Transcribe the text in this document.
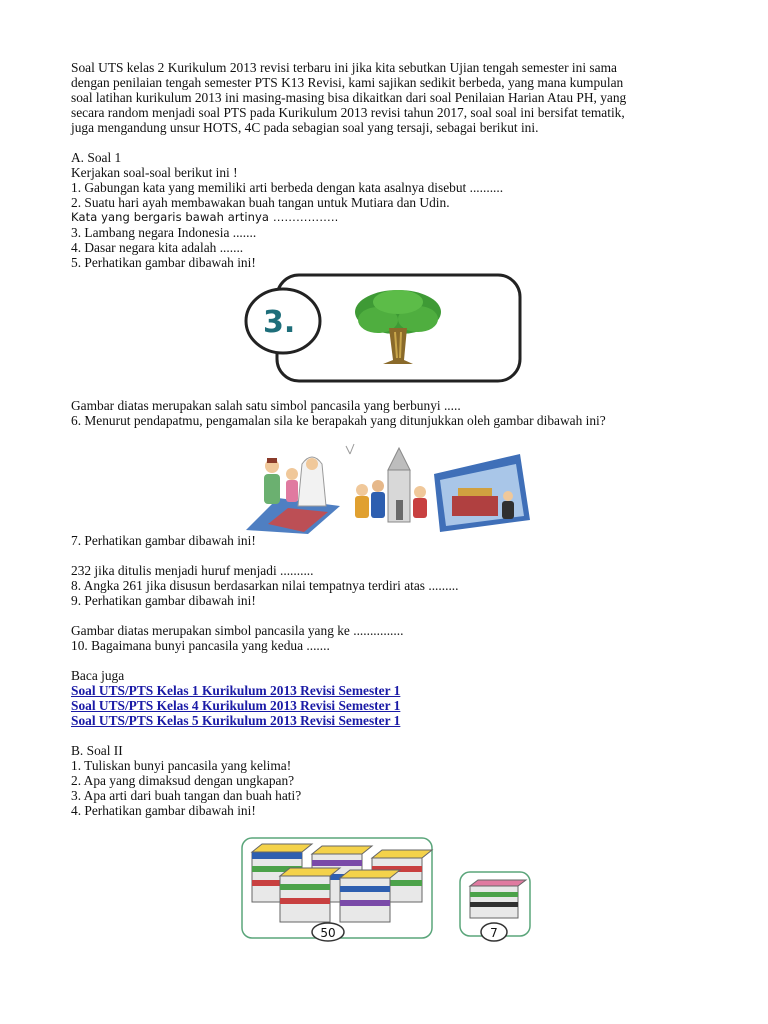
Soal UTS kelas 2 Kurikulum 2013 revisi terbaru ini jika kita sebutkan Ujian tengah semester ini sama
dengan penilaian tengah semester PTS K13 Revisi, kami sajikan sedikit berbeda, yang mana kumpulan
soal latihan kurikulum 2013 ini masing-masing bisa dikaitkan dari soal Penilaian Harian Atau PH, yang
secara random menjadi soal PTS pada Kurikulum 2013 revisi tahun 2017, soal soal ini bersifat tematik,
juga mengandung unsur HOTS, 4C pada sebagian soal yang tersaji, sebagai berikut ini.
A. Soal 1
Kerjakan soal-soal berikut ini !
1. Gabungan kata yang memiliki arti berbeda dengan kata asalnya disebut ..........
2. Suatu hari ayah membawakan buah tangan untuk Mutiara dan Udin.
Kata yang bergaris bawah artinya ……………..
3. Lambang negara Indonesia .......
4. Dasar negara kita adalah .......
5. Perhatikan gambar dibawah ini!
3.
Gambar diatas merupakan salah satu simbol pancasila yang berbunyi .....
6. Menurut pendapatmu, pengamalan sila ke berapakah yang ditunjukkan oleh gambar dibawah ini?
7. Perhatikan gambar dibawah ini!
232 jika ditulis menjadi huruf menjadi ..........
8. Angka 261 jika disusun berdasarkan nilai tempatnya terdiri atas .........
9. Perhatikan gambar dibawah ini!
Gambar diatas merupakan simbol pancasila yang ke ...............
10. Bagaimana bunyi pancasila yang kedua .......
Baca juga
Soal UTS/PTS Kelas 1 Kurikulum 2013 Revisi Semester 1
Soal UTS/PTS Kelas 4 Kurikulum 2013 Revisi Semester 1
Soal UTS/PTS Kelas 5 Kurikulum 2013 Revisi Semester 1
B. Soal II
1. Tuliskan bunyi pancasila yang kelima!
2. Apa yang dimaksud dengan ungkapan?
3. Apa arti dari buah tangan dan buah hati?
4. Perhatikan gambar dibawah ini!
50	7
